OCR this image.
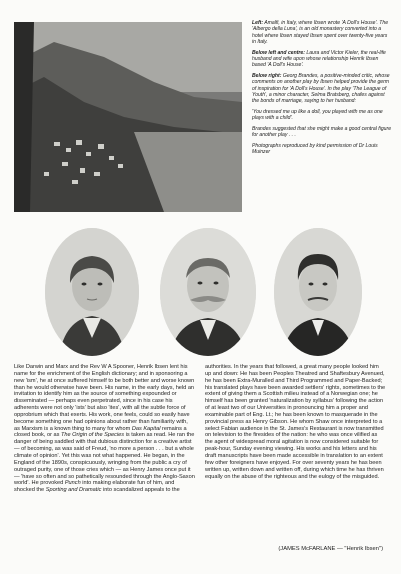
Left: Amalfi, in Italy, where Ibsen wrote 'A Doll's House'. The 'Albergo della Luna', is an old monastery converted into a hotel where Ibsen stayed Ibsen spent over twenty-five years in Italy.

Below left and centre: Laura and Victor Kieler, the real-life husband and wife upon whose relationship Henrik Ibsen based 'A Doll's House'.

Below right: Georg Brandes, a positive-minded critic, whose comments on another play by Ibsen helped provide the germ of inspiration for 'A Doll's House'. In the play 'The League of Youth', a minor character, Selma Bratsberg, chafes against the bonds of marriage, saying to her husband:

'You dressed me up like a doll, you played with me as one plays with a child'.

Brandes suggested that she might make a good central figure for another play . . .

Photographs reproduced by kind permission of Dr Louis Muinzer

Like Darwin and Marx and the Rev W A Spooner, Henrik Ibsen lent his name for the enrichment of the English dictionary; and in sponsoring a new 'ism', he at once suffered himself to be both better and worse known than he would otherwise have been. His name, in the early days, held an invitation to identify him as the source of something expounded or disseminated — perhaps even perpetrated, since in his case his adherents were not only 'ists' but also 'ites', with all the subtle force of opprobrium which that exerts. His work, one feels, could so easily have become something one had opinions about rather than familiarity with, as Marxism is a known thing to many for whom Das Kapital remains a closed book, or as The Origin of the Species is taken as read. He ran the danger of being saddled with that dubious distinction for a creative artist — of becoming, as was said of Freud, 'no more a person . . . but a whole climate of opinion'. Yet this was not what happened. He began, in the England of the 1890s, conspicuously, wringing from the public a cry of outraged purity, one of those cries which — as Henry James once put it — 'have so often and so pathetically resounded through the Anglo-Saxon world'. He provoked Punch into making elaborate fun of him, and shocked the Sporting and Dramatic into scandalized appeals to the
authorities. In the years that followed, a great many people looked him up and down: He has been Peoples Theatred and Shaftesbury Avenued, he has been Extra-Muralled and Third Programmed and Paper-Backed; his translated plays have been awarded settlers' rights, sometimes to the extent of giving them a Scottish milieu instead of a Norwegian one; he himself has been granted 'naturalization by syllabus' following the action of at least two of our Universities in pronouncing him a proper and examinable part of Eng. Lt.; he has been known to masquerade in the provincial press as Henry Gibson. He whom Shaw once interpreted to a select Fabian audience in the St. James's Restaurant is now transmitted on television to the firesides of the nation: he who was once vilified as the agent of widespread moral agitation is now considered suitable for peak-hour, Sunday evening viewing. His works and his letters and his draft manuscripts have been made accessible in translation to an extent few other foreigners have enjoyed. For over seventy years he has been written up, written down and written off, during which time he has thriven equally on the abuse of the righteous and the eulogy of the misguided.
(JAMES McFARLANE — "Henrik Ibsen")
